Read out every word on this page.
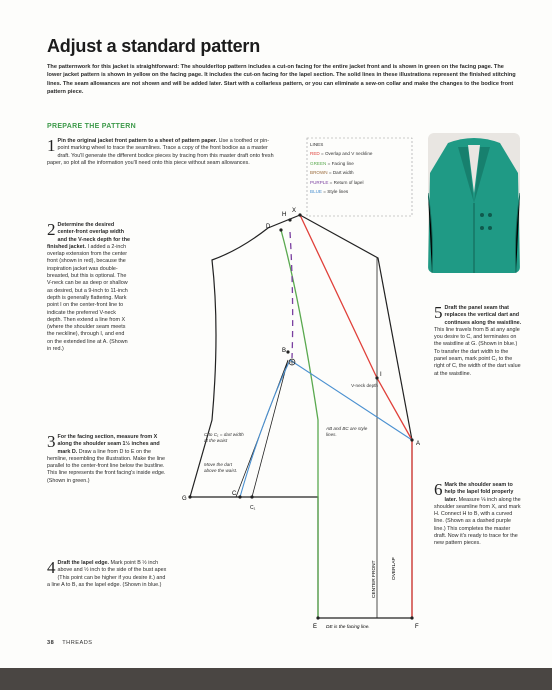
Adjust a standard pattern

The patternwork for this jacket is straightforward: The shoulder/top pattern includes a cut-on facing for the entire jacket front and is shown in green on the facing page. The lower jacket pattern is shown in yellow on the facing page. It includes the cut-on facing for the lapel section. The solid lines in these illustrations represent the finished stitching lines. The seam allowances are not shown and will be added later. Start with a collarless pattern, or you can eliminate a sew-on collar and make the changes to the bodice front pattern piece.

PREPARE THE PATTERN

1 Pin the original jacket front pattern to a sheet of pattern paper. Use a toothed or pin-point marking wheel to trace the seamlines. Trace a copy of the front bodice as a master draft. You'll generate the different bodice pieces by tracing from this master draft onto fresh paper, so plot all the information you'll need onto this piece without seam allowances.

2 Determine the desired center-front overlap width and the V-neck depth for the finished jacket. I added a 2-inch overlap extension from the center front (shown in red), because the inspiration jacket was double-breasted, but this is optional. The V-neck can be as deep or shallow as desired, but a 9-inch to 11-inch depth is generally flattering. Mark point I on the center-front line to indicate the preferred V-neck depth. Then extend a line from X (where the shoulder seam meets the neckline), through I, and end on the extended line at A. (Shown in red.)

3 For the facing section, measure from X along the shoulder seam 1½ inches and mark D. Draw a line from D to E on the hemline, resembling the illustration. Make the line parallel to the center-front line below the bustline. This line represents the front facing's inside edge. (Shown in green.)

4 Draft the lapel edge. Mark point B ½ inch above and ½ inch to the side of the bust apex (This point can be higher if you desire it.) and a line A to B, as the lapel edge. (Shown in blue.)

5 Draft the panel seam that replaces the vertical dart and continues along the waistline. This line travels from B at any angle you desire to C, and terminates on the waistline at G. (Shown in blue.) To transfer the dart width to the panel seam, mark point C₁ to the right of C, the width of the dart value at the waistline.

6 Mark the shoulder seam to help the lapel fold properly later. Measure ⅛ inch along the shoulder seamline from X, and mark H. Connect H to B, with a curved line. (Shown as a dashed purple line.) This completes the master draft. Now it's ready to trace for the new pattern pieces.

LINES
RED = Overlap and V neckline
GREEN = Facing line
BROWN = Dart width
PURPLE = Return of lapel
BLUE = Style lines
D
H
X
I
B
A
G
C
C₁
E	F
C to C₁ = dart width at the waist
Move the dart above the waist.
AB and BC are style lines.
V-neck depth
CENTER FRONT	OVERLAP
DE is the facing line.
38 THREADS
